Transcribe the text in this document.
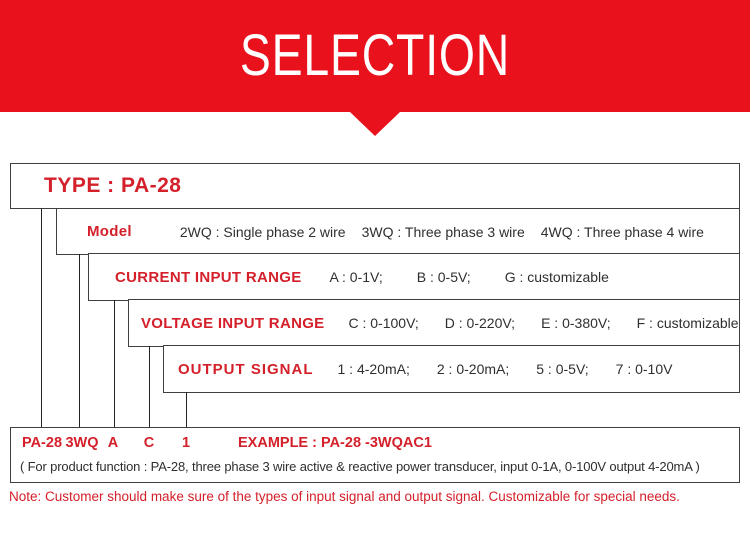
SELECTION
TYPE : PA-28
Model	2WQ : Single phase 2 wire 3WQ : Three phase 3 wire 4WQ : Three phase 4 wire
CURRENT INPUT RANGE A : 0-1V; B : 0-5V; G : customizable
VOLTAGE INPUT RANGE C : 0-100V; D : 0-220V; E : 0-380V; F : customizable
OUTPUT SIGNAL 1 : 4-20mA; 2 : 0-20mA; 5 : 0-5V; 7 : 0-10V
PA-28 3WQ A C 1	EXAMPLE : PA-28 -3WQAC1
( For product function : PA-28, three phase 3 wire active & reactive power transducer, input 0-1A, 0-100V output 4-20mA )
Note: Customer should make sure of the types of input signal and output signal. Customizable for special needs.
